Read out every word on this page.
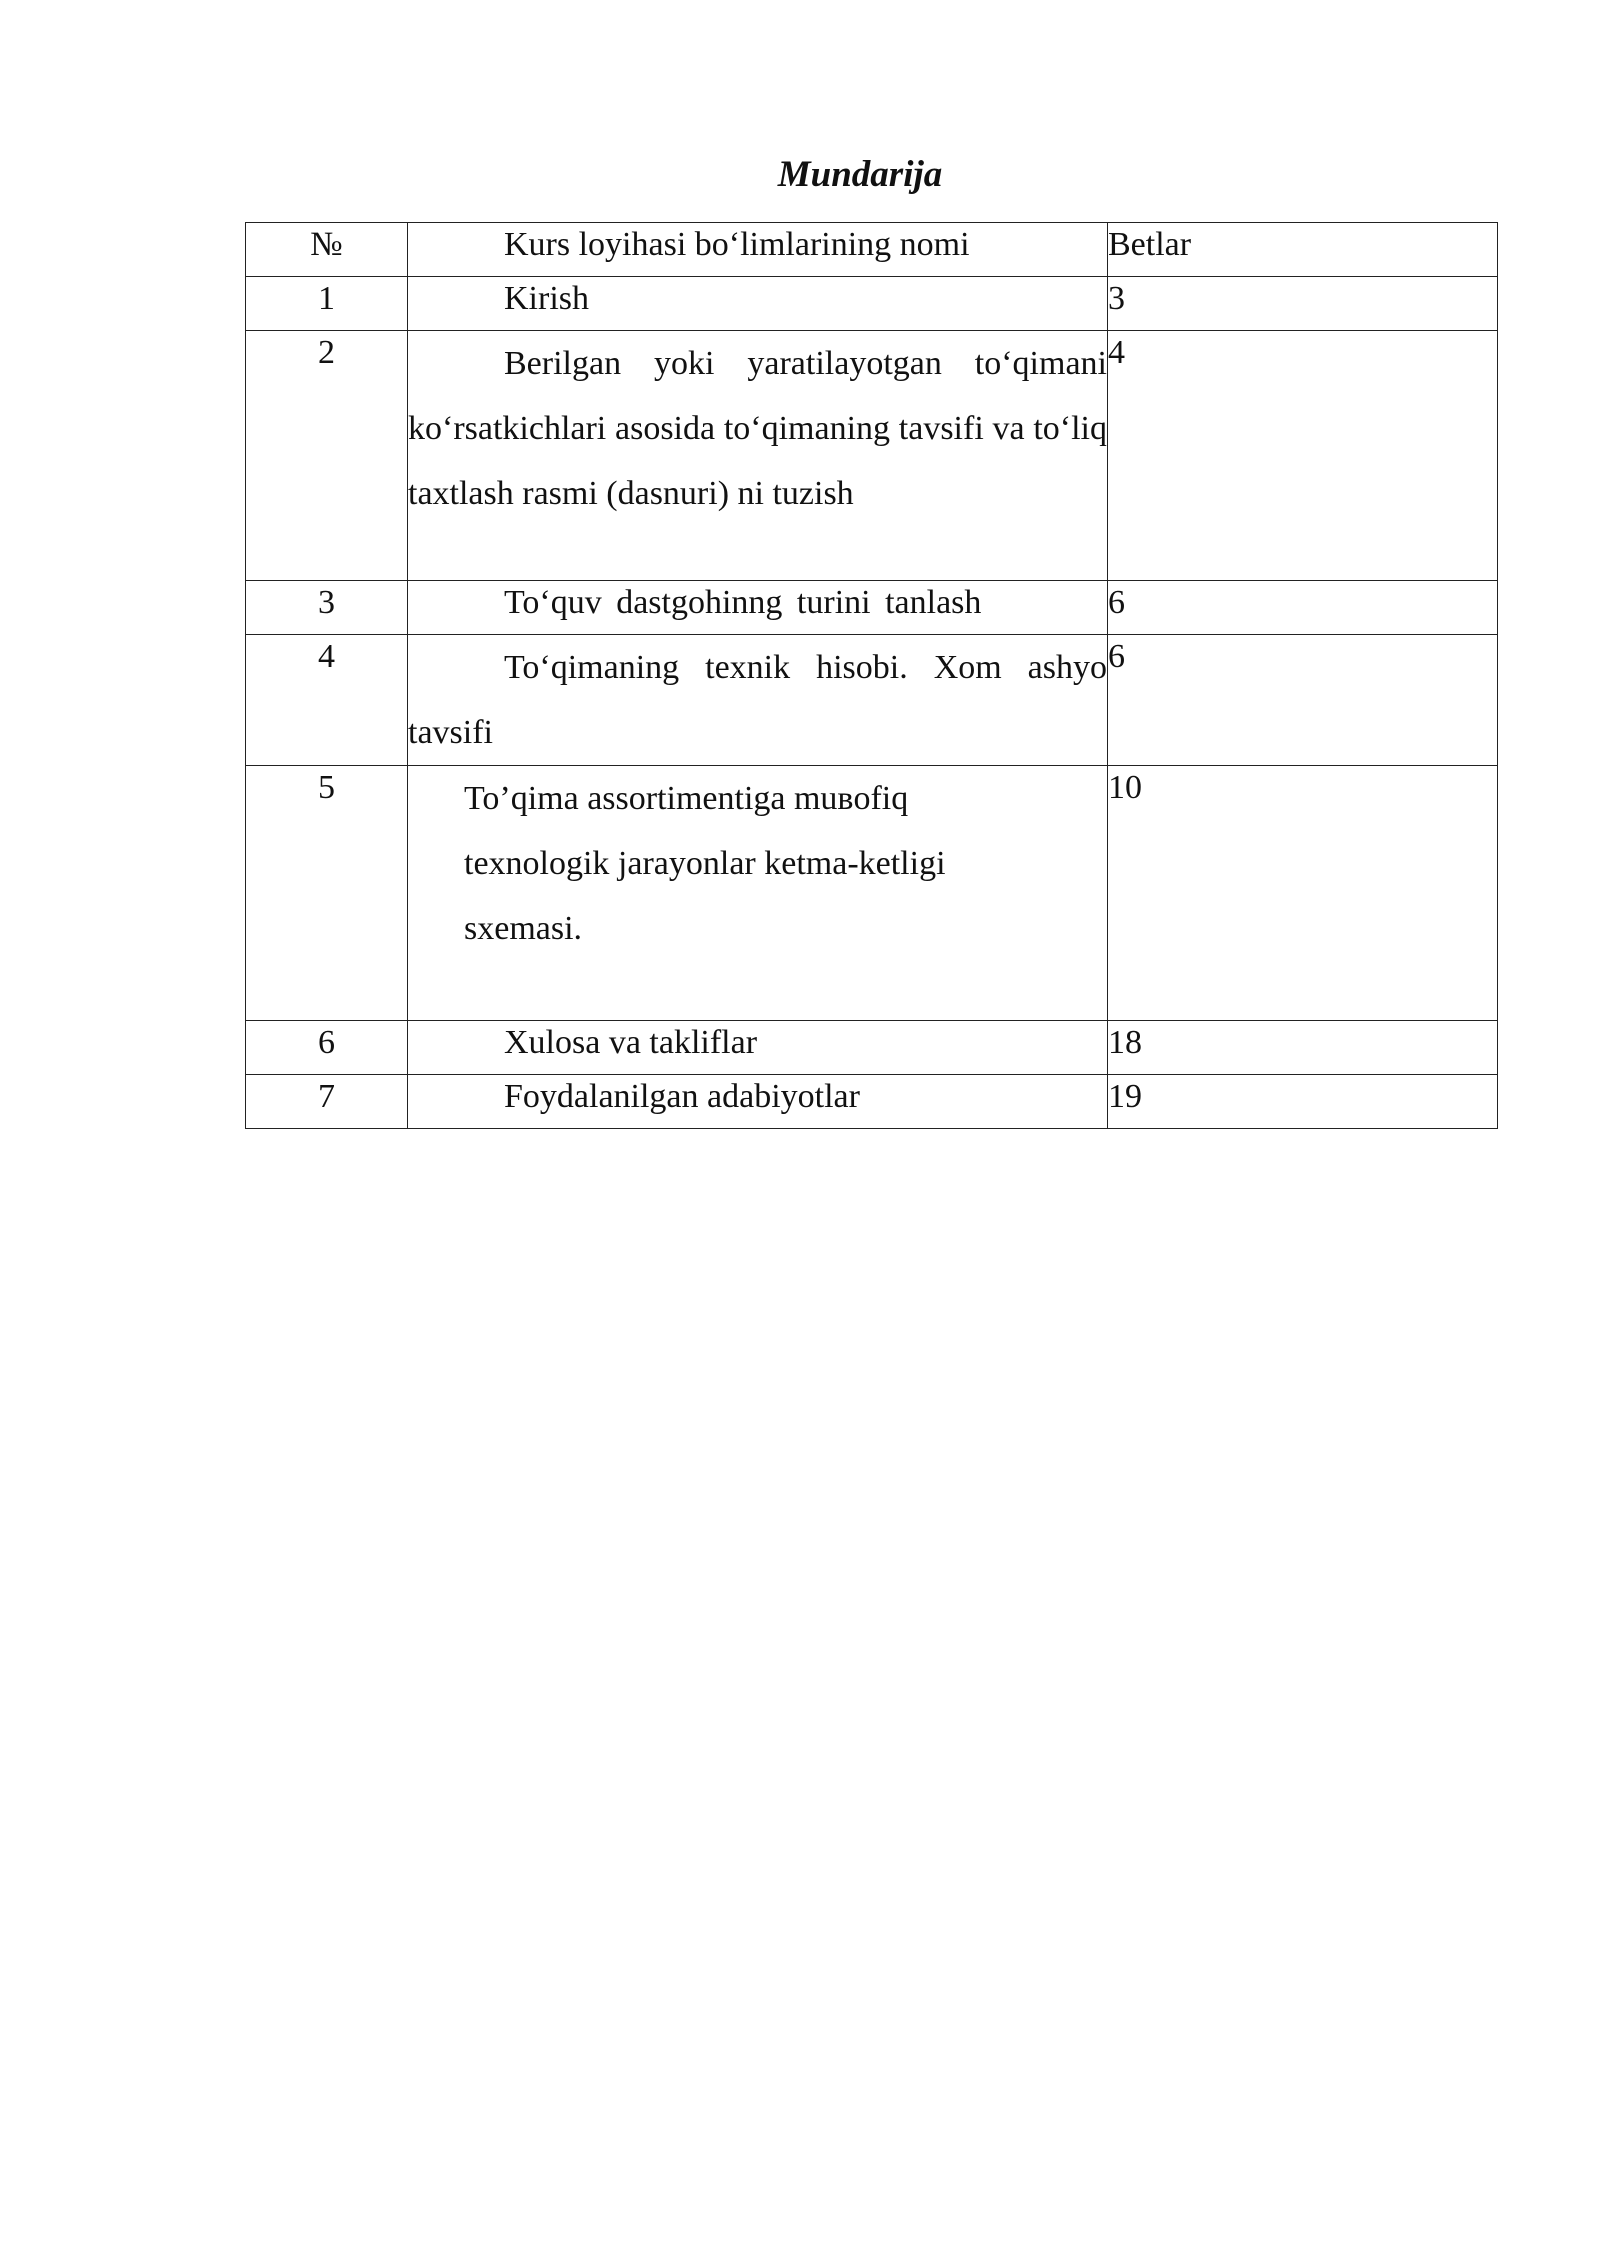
Mundarija
№	Kurs loyihasi bo‘limlarining nomi	Betlar
1	Kirish	3
2	Berilgan yoki yaratilayotgan to‘qimani ko‘rsatkichlari asosida to‘qimaning tavsifi va to‘liq taxtlash rasmi (dasnuri) ni tuzish	4
3	To‘quv dastgohinng turini tanlash	6
4	To‘qimaning texnik hisobi. Xom ashyo tavsifi	6
5	To’qima assortimentiga muвofiq texnologik jarayonlar ketma-ketligi sxemasi.	10
6	Xulosa va takliflar	18
7	Foydalanilgan adabiyotlar	19
